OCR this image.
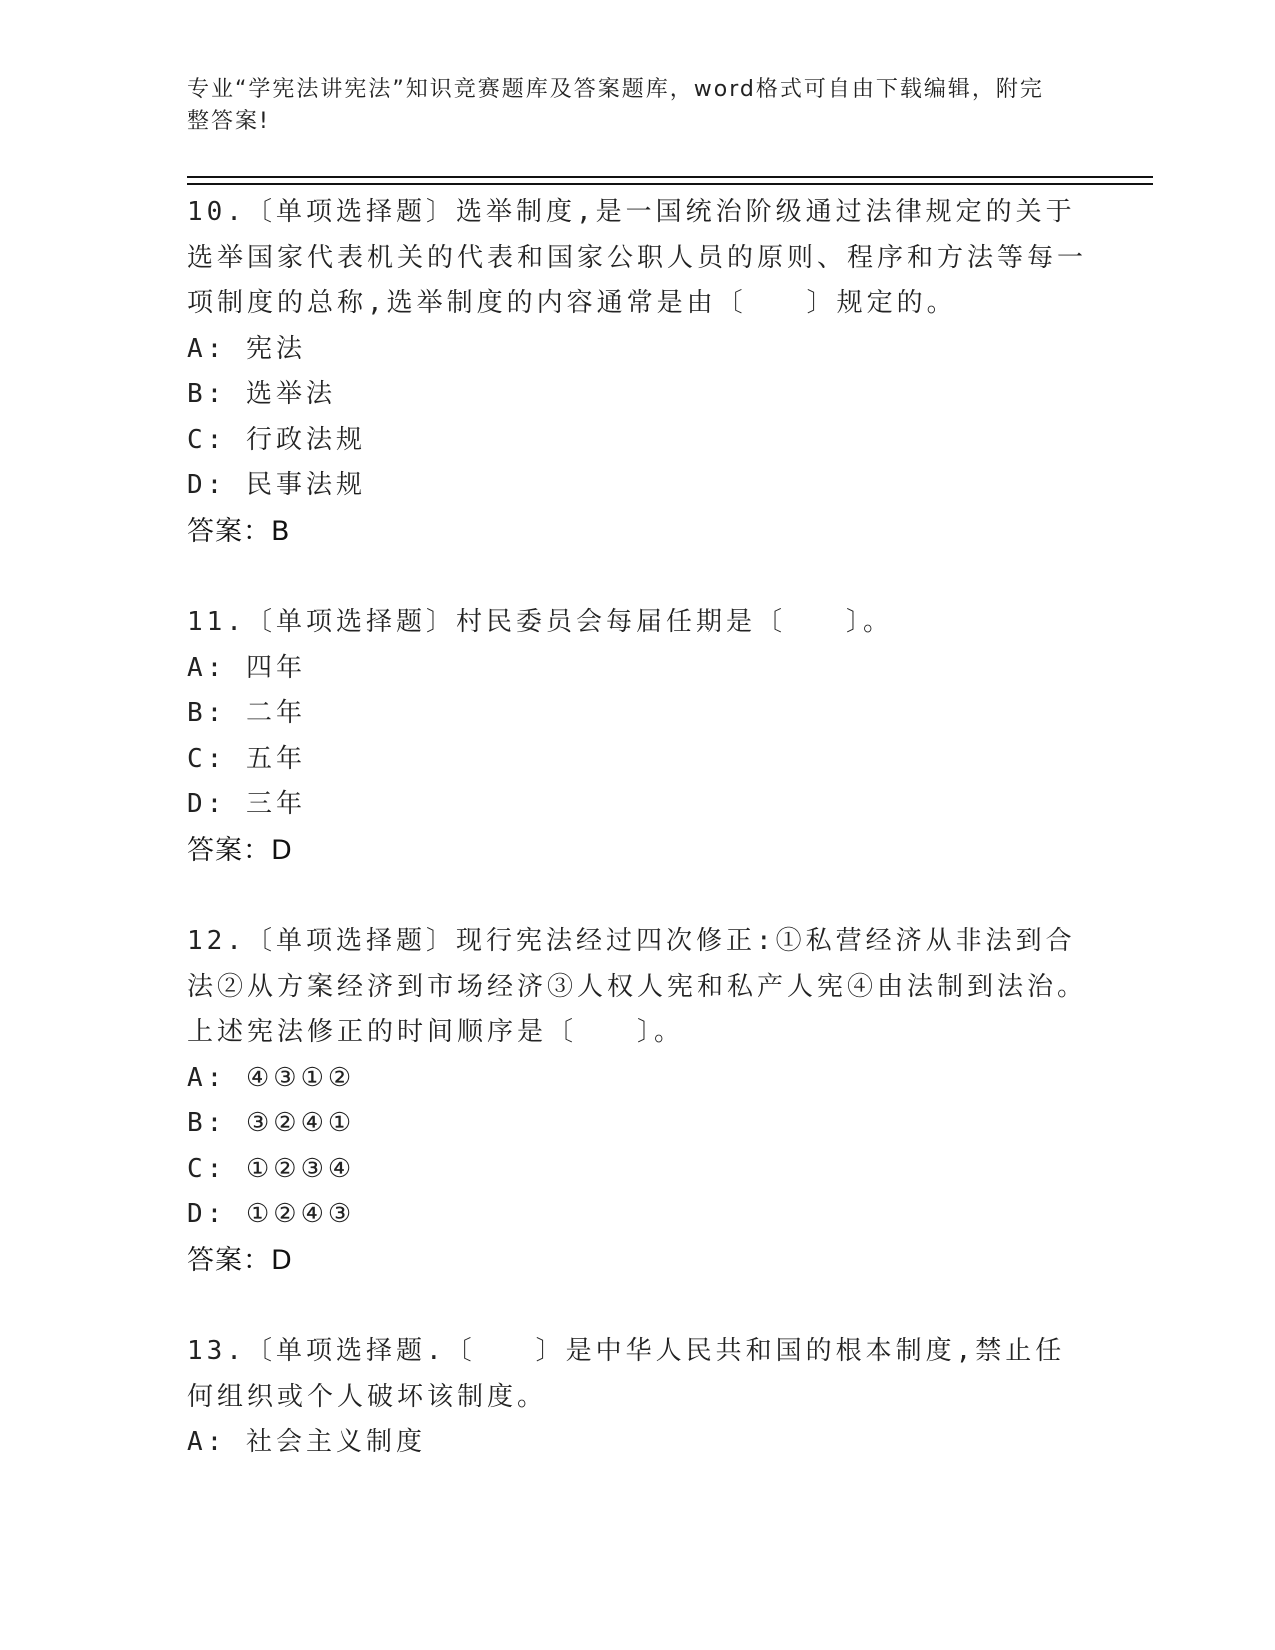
专业“学宪法讲宪法”知识竞赛题库及答案题库，word格式可自由下载编辑，附完整答案!
10.〔单项选择题〕选举制度,是一国统治阶级通过法律规定的关于选举国家代表机关的代表和国家公职人员的原则、程序和方法等每一项制度的总称,选举制度的内容通常是由〔　　〕规定的。
A: 宪法
B: 选举法
C: 行政法规
D: 民事法规
答案：B
11.〔单项选择题〕村民委员会每届任期是〔　　〕。
A: 四年
B: 二年
C: 五年
D: 三年
答案：D
12.〔单项选择题〕现行宪法经过四次修正:①私营经济从非法到合法②从方案经济到市场经济③人权人宪和私产人宪④由法制到法治。上述宪法修正的时间顺序是〔　　〕。
A: ④③①②
B: ③②④①
C: ①②③④
D: ①②④③
答案：D
13.〔单项选择题.〔　　〕是中华人民共和国的根本制度,禁止任何组织或个人破坏该制度。
A: 社会主义制度
